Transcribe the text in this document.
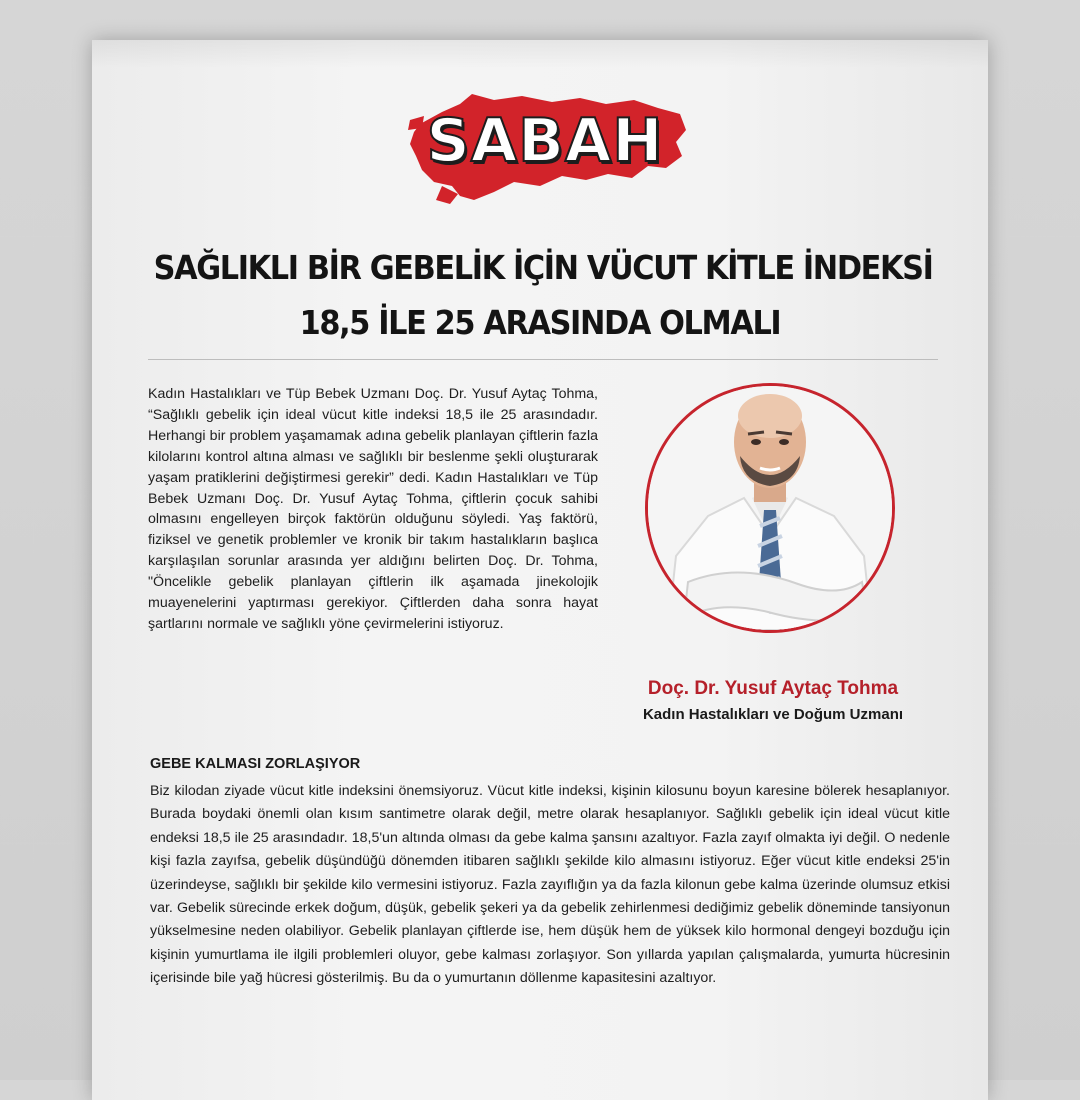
SABAH
SAĞLIKLI BİR GEBELİK İÇİN VÜCUT KİTLE İNDEKSİ
18,5 İLE 25 ARASINDA OLMALI
Kadın Hastalıkları ve Tüp Bebek Uzmanı Doç. Dr. Yusuf Aytaç Tohma, “Sağlıklı gebelik için ideal vücut kitle indeksi 18,5 ile 25 arasındadır. Herhangi bir problem yaşamamak adına gebelik planlayan çiftlerin fazla kilolarını kontrol altına alması ve sağlıklı bir beslenme şekli oluşturarak yaşam pratiklerini değiştirmesi gerekir” dedi. Kadın Hastalıkları ve Tüp Bebek Uzmanı Doç. Dr. Yusuf Aytaç Tohma, çiftlerin çocuk sahibi olmasını engelleyen birçok faktörün olduğunu söyledi. Yaş faktörü, fiziksel ve genetik problemler ve kronik bir takım hastalıkların başlıca karşılaşılan sorunlar arasında yer aldığını belirten Doç. Dr. Tohma, "Öncelikle gebelik planlayan çiftlerin ilk aşamada jinekolojik muayenelerini yaptırması gerekiyor. Çiftlerden daha sonra hayat şartlarını normale ve sağlıklı yöne çevirmelerini istiyoruz.
Doç. Dr. Yusuf Aytaç Tohma
Kadın Hastalıkları ve Doğum Uzmanı
GEBE KALMASI ZORLAŞIYOR
Biz kilodan ziyade vücut kitle indeksini önemsiyoruz. Vücut kitle indeksi, kişinin kilosunu boyun karesine bölerek hesaplanıyor. Burada boydaki önemli olan kısım santimetre olarak değil, metre olarak hesaplanıyor. Sağlıklı gebelik için ideal vücut kitle endeksi 18,5 ile 25 arasındadır. 18,5'un altında olması da gebe kalma şansını azaltıyor. Fazla zayıf olmakta iyi değil. O nedenle kişi fazla zayıfsa, gebelik düşündüğü dönemden itibaren sağlıklı şekilde kilo almasını istiyoruz. Eğer vücut kitle endeksi 25'in üzerindeyse, sağlıklı bir şekilde kilo vermesini istiyoruz. Fazla zayıflığın ya da fazla kilonun gebe kalma üzerinde olumsuz etkisi var. Gebelik sürecinde erkek doğum, düşük, gebelik şekeri ya da gebelik zehirlenmesi dediğimiz gebelik döneminde tansiyonun yükselmesine neden olabiliyor. Gebelik planlayan çiftlerde ise, hem düşük hem de yüksek kilo hormonal dengeyi bozduğu için kişinin yumurtlama ile ilgili problemleri oluyor, gebe kalması zorlaşıyor. Son yıllarda yapılan çalışmalarda, yumurta hücresinin içerisinde bile yağ hücresi gösterilmiş. Bu da o yumurtanın döllenme kapasitesini azaltıyor.
